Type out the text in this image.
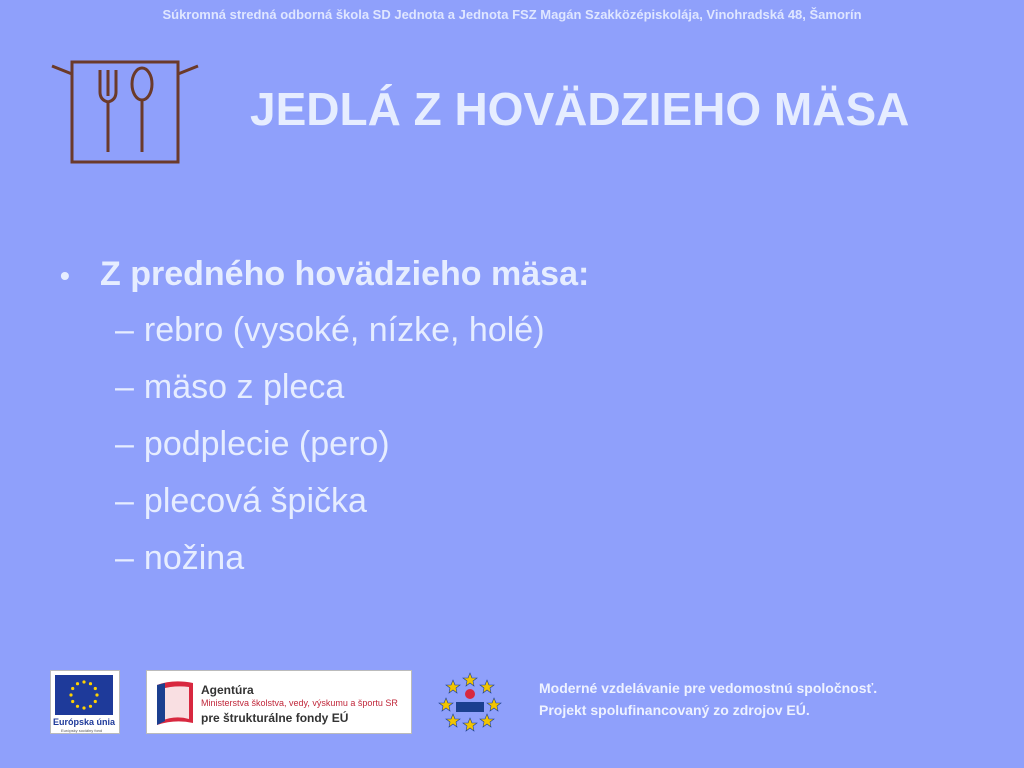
Súkromná stredná odborná škola SD Jednota a Jednota FSZ Magán Szakközépiskolája, Vinohradská 48, Šamorín
JEDLÁ Z HOVÄDZIEHO MÄSA
• Z predného hovädzieho mäsa:
– rebro (vysoké, nízke, holé)
– mäso z pleca
– podplecie (pero)
– plecová špička
– nožina
Európska únia
Európsky sociálny fond
Agentúra
Ministerstva školstva, vedy, výskumu a športu SR
pre štrukturálne fondy EÚ
Moderné vzdelávanie pre vedomostnú spoločnosť.
Projekt spolufinancovaný zo zdrojov EÚ.
